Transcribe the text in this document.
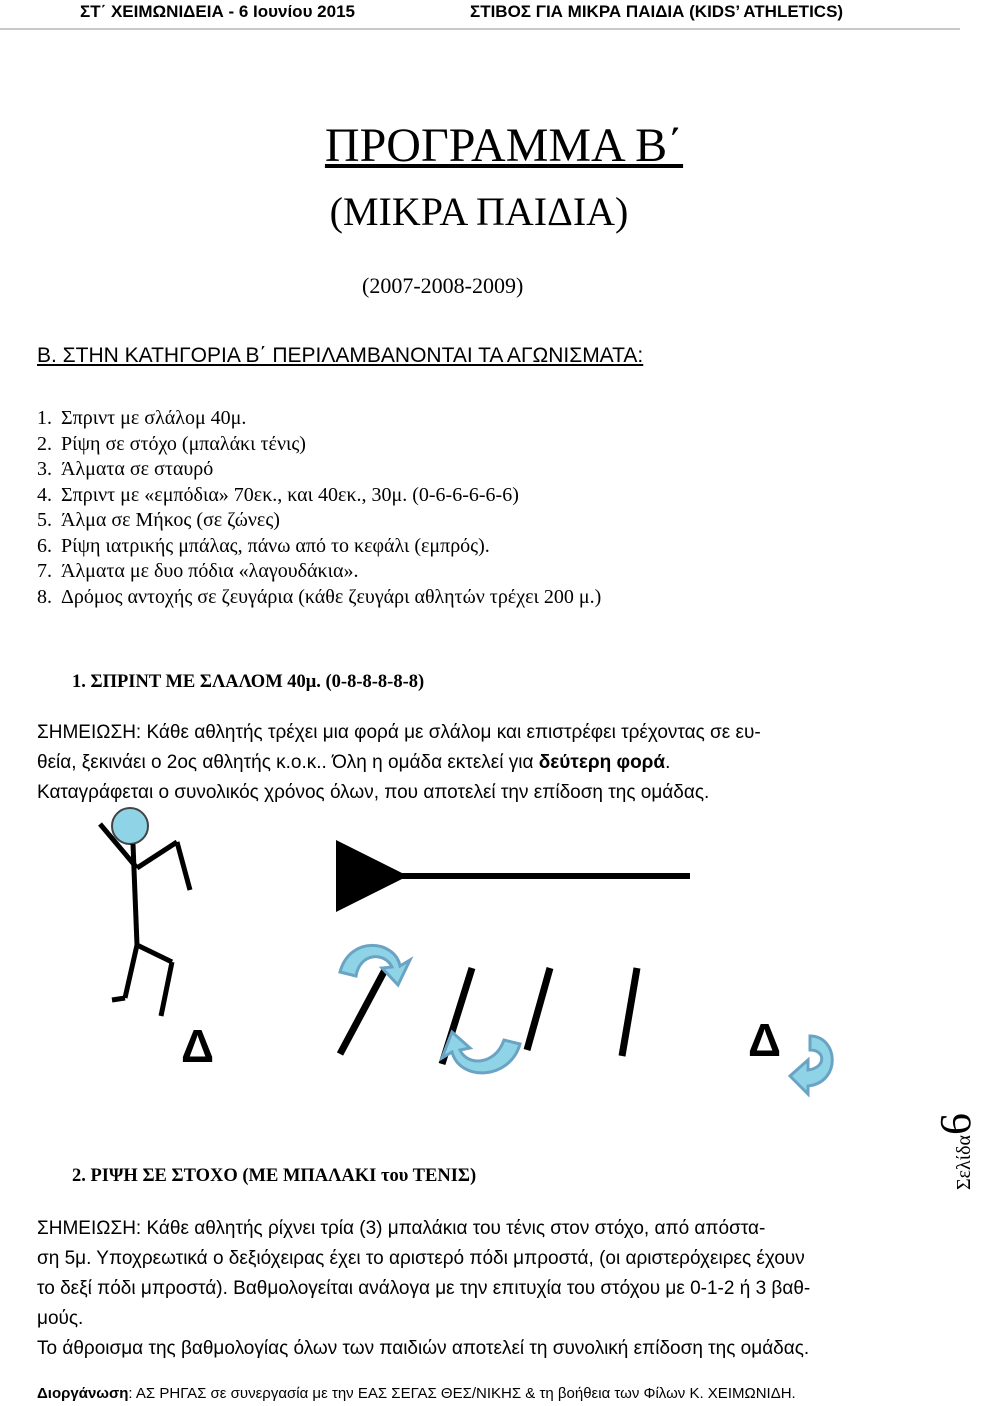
ΣΤ΄ ΧΕΙΜΩΝΙΔΕΙΑ - 6 Ιουνίου 2015	ΣΤΙΒΟΣ ΓΙΑ ΜΙΚΡΑ ΠΑΙΔΙΑ (KIDS’ ATHLETICS)
ΠΡΟΓΡΑΜΜΑ Β΄
(ΜΙΚΡΑ ΠΑΙΔΙΑ)
(2007-2008-2009)
Β. ΣΤΗΝ ΚΑΤΗΓΟΡΙΑ Β΄ ΠΕΡΙΛΑΜΒΑΝΟΝΤΑΙ ΤΑ ΑΓΩΝΙΣΜΑΤΑ:
1. Σπριντ με σλάλομ 40μ.
2. Ρίψη σε στόχο (μπαλάκι τένις)
3. Άλματα σε σταυρό
4. Σπριντ με «εμπόδια» 70εκ., και 40εκ., 30μ. (0-6-6-6-6-6)
5. Άλμα σε Μήκος (σε ζώνες)
6. Ρίψη ιατρικής μπάλας, πάνω από το κεφάλι (εμπρός).
7. Άλματα με δυο πόδια «λαγουδάκια».
8. Δρόμος αντοχής σε ζευγάρια (κάθε ζευγάρι αθλητών τρέχει 200 μ.)
1. ΣΠΡΙΝΤ ΜΕ ΣΛΑΛΟΜ 40μ. (0-8-8-8-8-8)
ΣΗΜΕΙΩΣΗ: Κάθε αθλητής τρέχει μια φορά με σλάλομ και επιστρέφει τρέχοντας σε ευ-
θεία, ξεκινάει ο 2ος αθλητής κ.ο.κ.. Όλη η ομάδα εκτελεί για δεύτερη φορά.
Καταγράφεται ο συνολικός χρόνος όλων, που αποτελεί την επίδοση της ομάδας.
Δ	Δ
2. ΡΙΨΗ ΣΕ ΣΤΟΧΟ (ΜΕ ΜΠΑΛΑΚΙ του ΤΕΝΙΣ)
ΣΗΜΕΙΩΣΗ: Κάθε αθλητής ρίχνει τρία (3) μπαλάκια του τένις στον στόχο, από απόστα-
ση 5μ. Υποχρεωτικά ο δεξιόχειρας έχει το αριστερό πόδι μπροστά, (οι αριστερόχειρες έχουν
το δεξί πόδι μπροστά). Βαθμολογείται ανάλογα με την επιτυχία του στόχου με 0-1-2 ή 3 βαθ-
μούς.
Το άθροισμα της βαθμολογίας όλων των παιδιών αποτελεί τη συνολική επίδοση της ομάδας.
Σελίδα6
Διοργάνωση: ΑΣ ΡΗΓΑΣ σε συνεργασία με την ΕΑΣ ΣΕΓΑΣ ΘΕΣ/ΝΙΚΗΣ & τη βοήθεια των Φίλων Κ. ΧΕΙΜΩΝΙΔΗ.
